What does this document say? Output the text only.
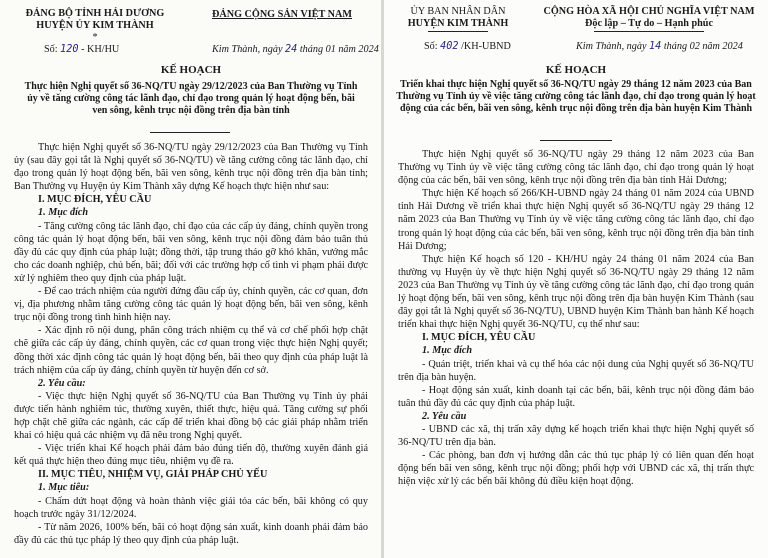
ĐẢNG BỘ TỈNH HẢI DƯƠNG
HUYỆN ỦY KIM THÀNH
*
Số: 120 - KH/HU
ĐẢNG CỘNG SẢN VIỆT NAM
Kim Thành, ngày 24 tháng 01 năm 2024
KẾ HOẠCH
Thực hiện Nghị quyết số 36-NQ/TU ngày 29/12/2023 của Ban Thường vụ Tỉnh ủy về tăng cường công tác lãnh đạo, chỉ đạo trong quản lý hoạt động bến, bãi ven sông, kênh trục nội đồng trên địa bàn tỉnh

Thực hiện Nghị quyết số 36-NQ/TU ngày 29/12/2023 của Ban Thường vụ Tỉnh ủy (sau đây gọi tắt là Nghị quyết số 36-NQ/TU) về tăng cường công tác lãnh đạo, chỉ đạo trong quản lý hoạt động bến, bãi ven sông, kênh trục nội đồng trên địa bàn tỉnh; Ban Thường vụ Huyện ủy Kim Thành xây dựng Kế hoạch thực hiện như sau:

I. MỤC ĐÍCH, YÊU CẦU

1. Mục đích

- Tăng cường công tác lãnh đạo, chỉ đạo của các cấp ủy đảng, chính quyền trong công tác quản lý hoạt động bến, bãi ven sông, kênh trục nội đồng đảm bảo tuân thủ đầy đủ các quy định của pháp luật; đồng thời, tập trung tháo gỡ khó khăn, vướng mắc cho các doanh nghiệp, chủ bến, bãi; đối với các trường hợp cố tình vi phạm phải được xử lý nghiêm theo quy định của pháp luật.

- Để cao trách nhiệm của người đứng đầu cấp ủy, chính quyền, các cơ quan, đơn vị, địa phương nhằm tăng cường công tác quản lý hoạt động bến, bãi ven sông, kênh trục nội đồng trong tình hình hiện nay.

- Xác định rõ nội dung, phân công trách nhiệm cụ thể và cơ chế phối hợp chặt chẽ giữa các cấp ủy đảng, chính quyền, các cơ quan trong việc thực hiện Nghị quyết; đồng thời xác định công tác quản lý hoạt động bến, bãi theo quy định của pháp luật là trách nhiệm của cấp ủy đảng, chính quyền từ huyện đến cơ sở.

2. Yêu cầu:

- Việc thực hiện Nghị quyết số 36-NQ/TU của Ban Thường vụ Tỉnh ủy phải được tiến hành nghiêm túc, thường xuyên, thiết thực, hiệu quả. Tăng cường sự phối hợp chặt chẽ giữa các ngành, các cấp để triển khai đồng bộ các giải pháp nhằm triển khai có hiệu quả các nhiệm vụ đã nêu trong Nghị quyết.

- Việc triển khai Kế hoạch phải đảm bảo đúng tiến độ, thường xuyên đánh giá kết quả thực hiện theo đúng mục tiêu, nhiệm vụ đề ra.

II. MỤC TIÊU, NHIỆM VỤ, GIẢI PHÁP CHỦ YẾU

1. Mục tiêu:

- Chấm dứt hoạt động và hoàn thành việc giải tỏa các bến, bãi không có quy hoạch trước ngày 31/12/2024.

- Từ năm 2026, 100% bến, bãi có hoạt động sản xuất, kinh doanh phải đảm bảo đầy đủ các thủ tục pháp lý theo quy định của pháp luật.

ỦY BAN NHÂN DÂN
HUYỆN KIM THÀNH
Số: 402 /KH-UBND
CỘNG HÒA XÃ HỘI CHỦ NGHĨA VIỆT NAM
Độc lập – Tự do – Hạnh phúc
Kim Thành, ngày 14 tháng 02 năm 2024
KẾ HOẠCH
Triển khai thực hiện Nghị quyết số 36-NQ/TU ngày 29 tháng 12 năm 2023 của Ban Thường vụ Tỉnh ủy về việc tăng cường công tác lãnh đạo, chỉ đạo trong quản lý hoạt động của các bến, bãi ven sông, kênh trục nội đồng trên địa bàn huyện Kim Thành

Thực hiện Nghị quyết số 36-NQ/TU ngày 29 tháng 12 năm 2023 của Ban Thường vụ Tỉnh ủy về việc tăng cường công tác lãnh đạo, chỉ đạo trong quản lý hoạt động của các bến, bãi ven sông, kênh trục nội đồng trên địa bàn tỉnh Hải Dương;

Thực hiện Kế hoạch số 266/KH-UBND ngày 24 tháng 01 năm 2024 của UBND tỉnh Hải Dương về triển khai thực hiện Nghị quyết số 36-NQ/TU ngày 29 tháng 12 năm 2023 của Ban Thường vụ Tỉnh ủy về việc tăng cường công tác lãnh đạo, chỉ đạo trong quản lý hoạt động của các bến, bãi ven sông, kênh trục nội đồng trên địa bàn tỉnh Hải Dương;

Thực hiện Kế hoạch số 120 - KH/HU ngày 24 tháng 01 năm 2024 của Ban thường vụ Huyện ủy về thực hiện Nghị quyết số 36-NQ/TU ngày 29 tháng 12 năm 2023 của Ban Thường vụ Tỉnh ủy về tăng cường công tác lãnh đạo, chỉ đạo trong quản lý hoạt động bến, bãi ven sông, kênh trục nội đồng trên địa bàn huyện Kim Thành (sau đây gọi tắt là Nghị quyết số 36-NQ/TU), UBND huyện Kim Thành ban hành Kế hoạch triển khai thực hiện Nghị quyết 36-NQ/TU, cụ thể như sau:

I. MỤC ĐÍCH, YÊU CẦU

1. Mục đích

- Quán triệt, triển khai và cụ thể hóa các nội dung của Nghị quyết số 36-NQ/TU trên địa bàn huyện.

- Hoạt động sản xuất, kinh doanh tại các bến, bãi, kênh trục nội đồng đảm bảo tuân thủ đầy đủ các quy định của pháp luật.

2. Yêu cầu

- UBND các xã, thị trấn xây dựng kế hoạch triển khai thực hiện Nghị quyết số 36-NQ/TU trên địa bàn.

- Các phòng, ban đơn vị hướng dẫn các thủ tục pháp lý có liên quan đến hoạt động bến bãi ven sông, kênh trục nội đồng; phối hợp với UBND các xã, thị trấn thực hiện việc xử lý các bến bãi không đủ điều kiện hoạt động.
